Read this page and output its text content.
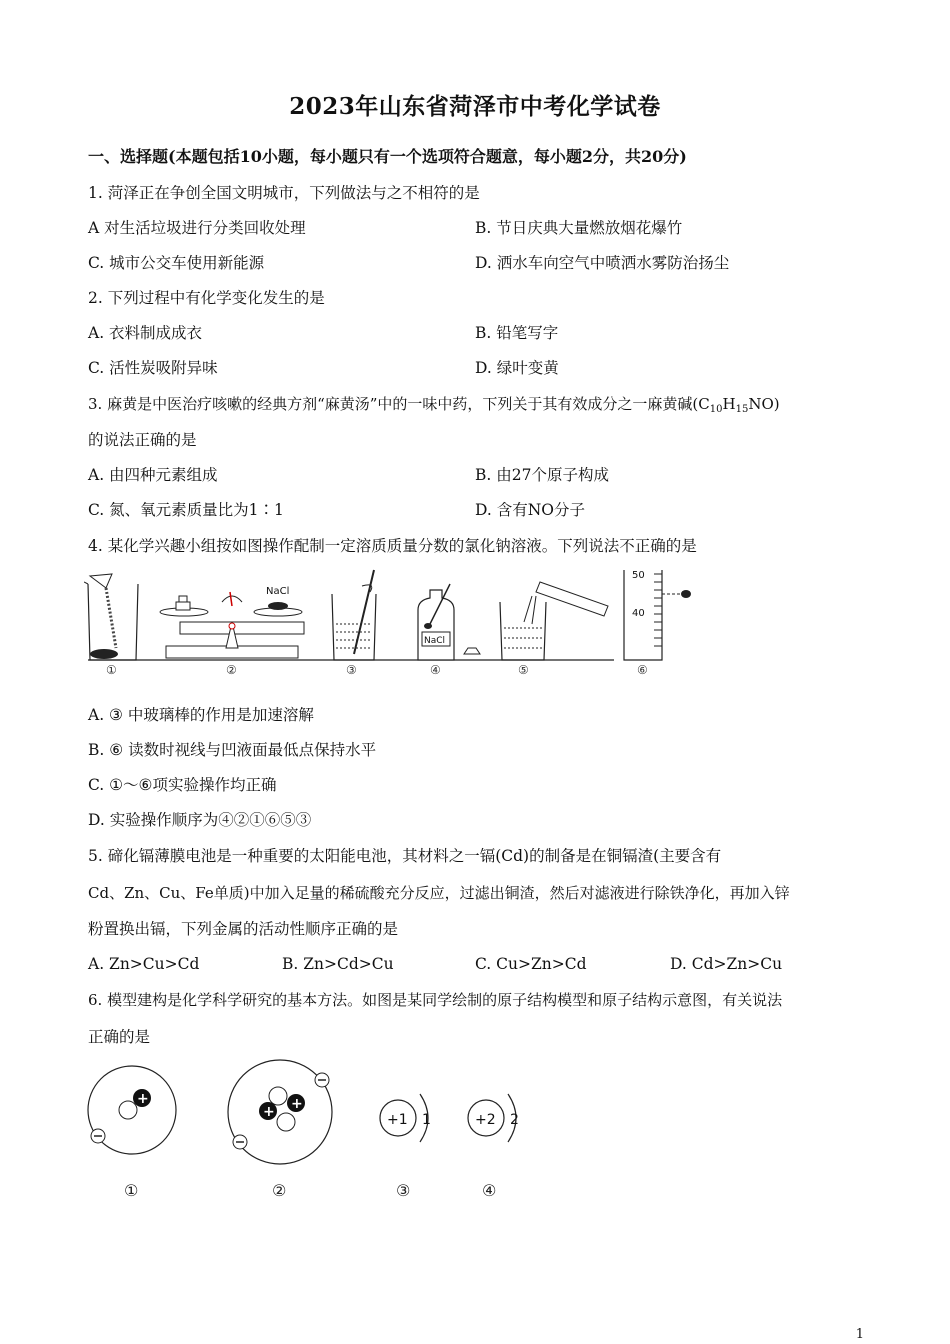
2023年山东省菏泽市中考化学试卷
一、选择题(本题包括10小题，每小题只有一个选项符合题意，每小题2分，共20分)
1. 菏泽正在争创全国文明城市，下列做法与之不相符的是
A 对生活垃圾进行分类回收处理	B. 节日庆典大量燃放烟花爆竹
C. 城市公交车使用新能源	D. 洒水车向空气中喷洒水雾防治扬尘
2. 下列过程中有化学变化发生的是
A. 衣料制成成衣	B. 铅笔写字
C. 活性炭吸附异味	D. 绿叶变黄
3. 麻黄是中医治疗咳嗽的经典方剂“麻黄汤”中的一味中药，下列关于其有效成分之一麻黄碱$(C_{10}H_{15}NO)$
的说法正确的是
A. 由四种元素组成	B. 由27个原子构成
C. 氮、氧元素质量比为1∶1	D. 含有NO分子
4. 某化学兴趣小组按如图操作配制一定溶质质量分数的氯化钠溶液。下列说法不正确的是
NaCl
NaCl
50
40
①	②	③	④	⑤	⑥
A. ③ 中玻璃棒的作用是加速溶解
B. ⑥ 读数时视线与凹液面最低点保持水平
C. ①～⑥项实验操作均正确
D. 实验操作顺序为④②①⑥⑤③
5. 碲化镉薄膜电池是一种重要的太阳能电池，其材料之一镉(Cd)的制备是在铜镉渣(主要含有
Cd、Zn、Cu、Fe单质)中加入足量的稀硫酸充分反应，过滤出铜渣，然后对滤液进行除铁净化，再加入锌
粉置换出镉，下列金属的活动性顺序正确的是
A. Zn>Cu>Cd	B. Zn>Cd>Cu	C. Cu>Zn>Cd	D. Cd>Zn>Cu
6. 模型建构是化学科学研究的基本方法。如图是某同学绘制的原子结构模型和原子结构示意图，有关说法
正确的是
+
+ +
+1 1	+2 2
①	②	③	④
1
